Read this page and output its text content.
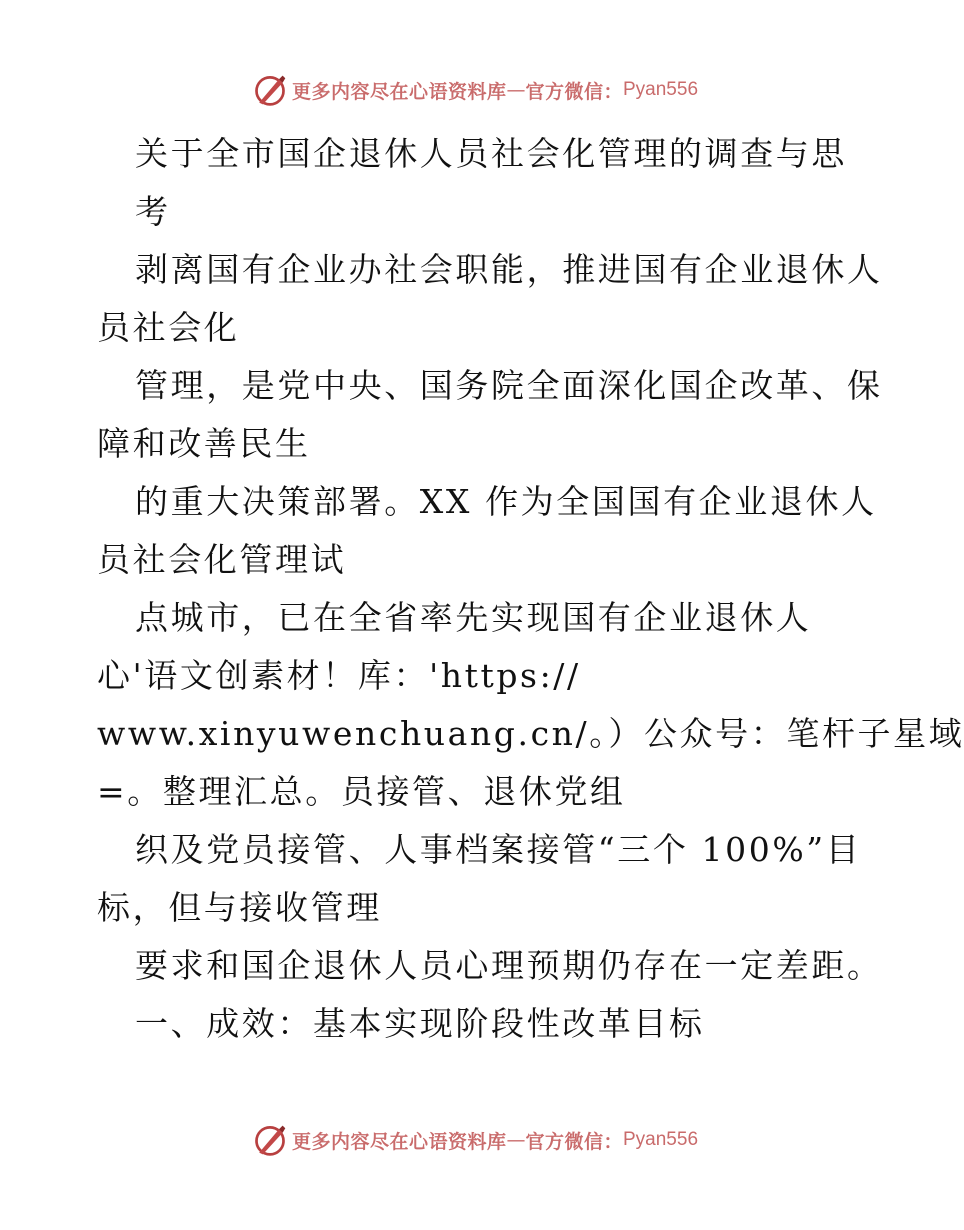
更多内容尽在心语资料库 — 官方微信： Pyan556
关于全市国企退休人员社会化管理的调查与思
考
剥离国有企业办社会职能，推进国有企业退休人
员社会化
管理，是党中央、国务院全面深化国企改革、保
障和改善民生
的重大决策部署。XX 作为全国国有企业退休人
员社会化管理试
点城市，已在全省率先实现国有企业退休人
心'语文创素材！库：'https://
www.xinyuwenchuang.cn/。）公众号：笔杆子星域
=。整理汇总。员接管、退休党组
织及党员接管、人事档案接管“三个 100%”目
标，但与接收管理
要求和国企退休人员心理预期仍存在一定差距。
一、成效：基本实现阶段性改革目标
更多内容尽在心语资料库 — 官方微信： Pyan556
